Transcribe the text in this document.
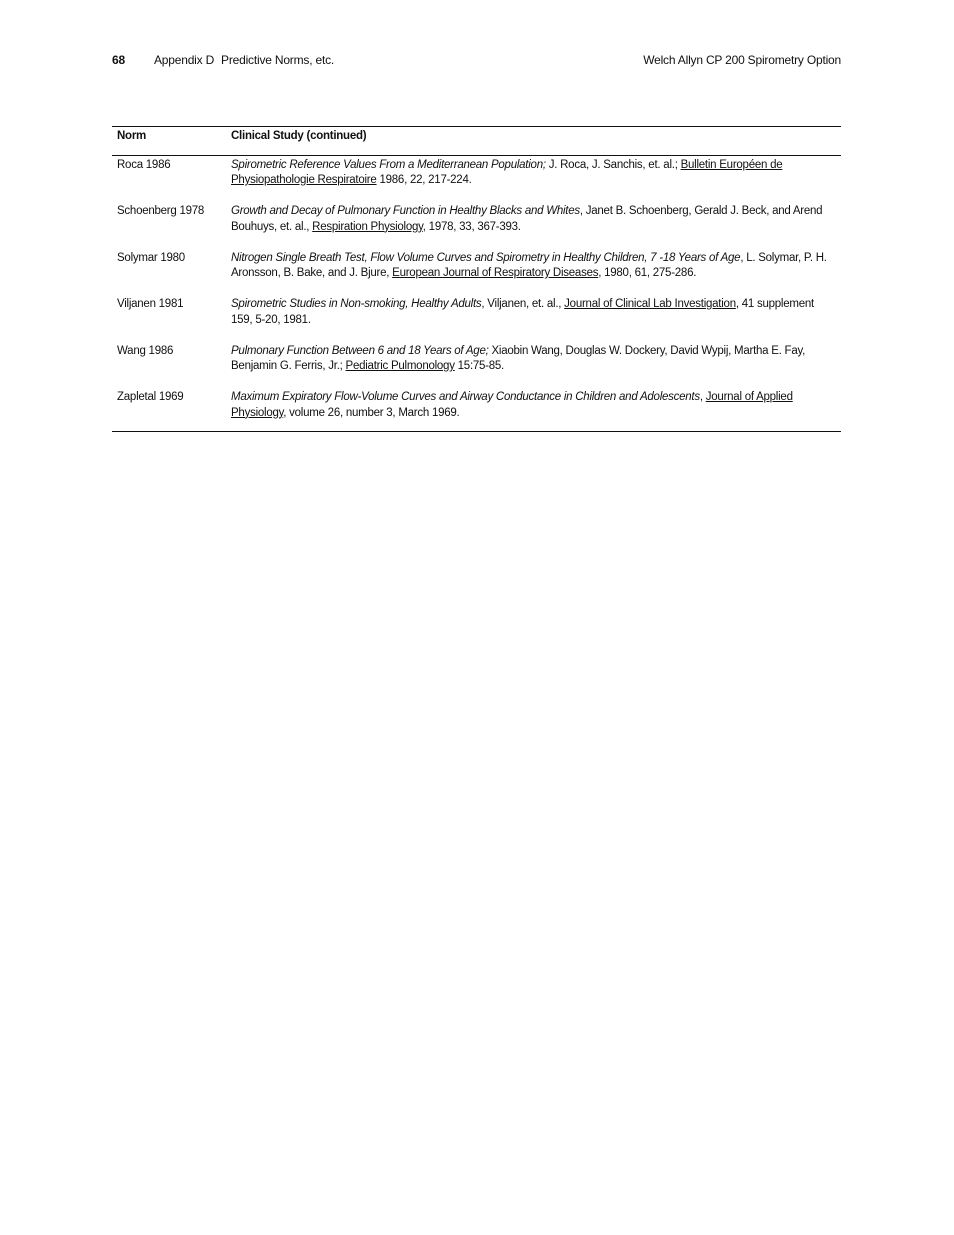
68 Appendix D Predictive Norms, etc.	Welch Allyn CP 200 Spirometry Option
Norm	Clinical Study (continued)
Roca 1986	Spirometric Reference Values From a Mediterranean Population; J. Roca, J. Sanchis, et. al.; Bulletin Européen de Physiopathologie Respiratoire 1986, 22, 217-224.
Schoenberg 1978	Growth and Decay of Pulmonary Function in Healthy Blacks and Whites, Janet B. Schoenberg, Gerald J. Beck, and Arend Bouhuys, et. al., Respiration Physiology, 1978, 33, 367-393.
Solymar 1980	Nitrogen Single Breath Test, Flow Volume Curves and Spirometry in Healthy Children, 7 -18 Years of Age, L. Solymar, P. H. Aronsson, B. Bake, and J. Bjure, European Journal of Respiratory Diseases, 1980, 61, 275-286.
Viljanen 1981	Spirometric Studies in Non-smoking, Healthy Adults, Viljanen, et. al., Journal of Clinical Lab Investigation, 41 supplement 159, 5-20, 1981.
Wang 1986	Pulmonary Function Between 6 and 18 Years of Age; Xiaobin Wang, Douglas W. Dockery, David Wypij, Martha E. Fay, Benjamin G. Ferris, Jr.; Pediatric Pulmonology 15:75-85.
Zapletal 1969	Maximum Expiratory Flow-Volume Curves and Airway Conductance in Children and Adolescents, Journal of Applied Physiology, volume 26, number 3, March 1969.
